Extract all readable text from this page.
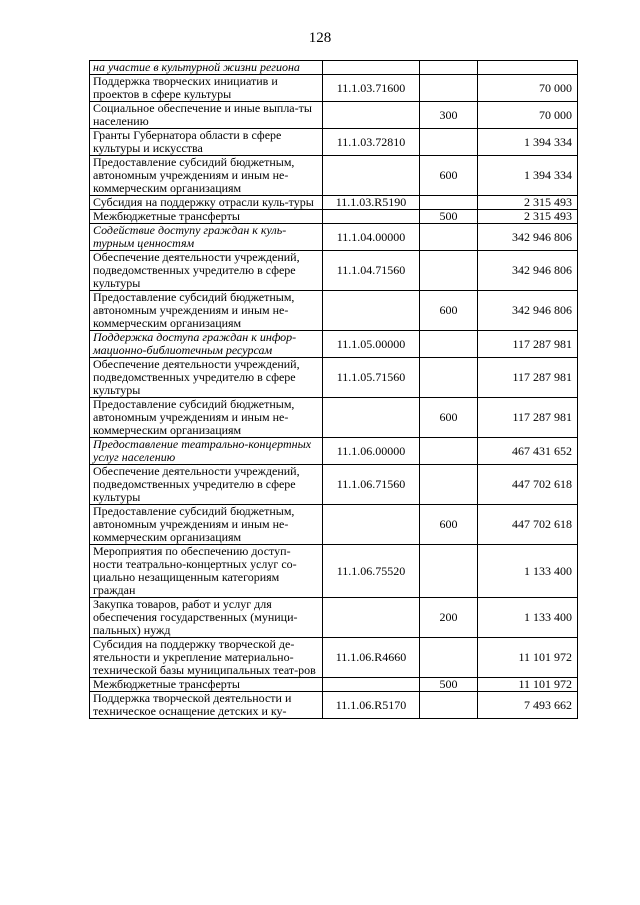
128
на участие в культурной жизни региона			
Поддержка творческих инициатив и проектов в сфере культуры	11.1.03.71600		70 000
Социальное обеспечение и иные выпла-ты населению		300	70 000
Гранты Губернатора области в сфере культуры и искусства	11.1.03.72810		1 394 334
Предоставление субсидий бюджетным, автономным учреждениям и иным не-коммерческим организациям		600	1 394 334
Субсидия на поддержку отрасли куль-туры	11.1.03.R5190		2 315 493
Межбюджетные трансферты		500	2 315 493
Содействие доступу граждан к куль-турным ценностям	11.1.04.00000		342 946 806
Обеспечение деятельности учреждений, подведомственных учредителю в сфере культуры	11.1.04.71560		342 946 806
Предоставление субсидий бюджетным, автономным учреждениям и иным не-коммерческим организациям		600	342 946 806
Поддержка доступа граждан к инфор-мационно-библиотечным ресурсам	11.1.05.00000		117 287 981
Обеспечение деятельности учреждений, подведомственных учредителю в сфере культуры	11.1.05.71560		117 287 981
Предоставление субсидий бюджетным, автономным учреждениям и иным не-коммерческим организациям		600	117 287 981
Предоставление театрально-концертных услуг населению	11.1.06.00000		467 431 652
Обеспечение деятельности учреждений, подведомственных учредителю в сфере культуры	11.1.06.71560		447 702 618
Предоставление субсидий бюджетным, автономным учреждениям и иным не-коммерческим организациям		600	447 702 618
Мероприятия по обеспечению доступ-ности театрально-концертных услуг со-циально незащищенным категориям граждан	11.1.06.75520		1 133 400
Закупка товаров, работ и услуг для обеспечения государственных (муници-пальных) нужд		200	1 133 400
Субсидия на поддержку творческой де-ятельности и укрепление материально-технической базы муниципальных теат-ров	11.1.06.R4660		11 101 972
Межбюджетные трансферты		500	11 101 972
Поддержка творческой деятельности и техническое оснащение детских и ку-	11.1.06.R5170		7 493 662
